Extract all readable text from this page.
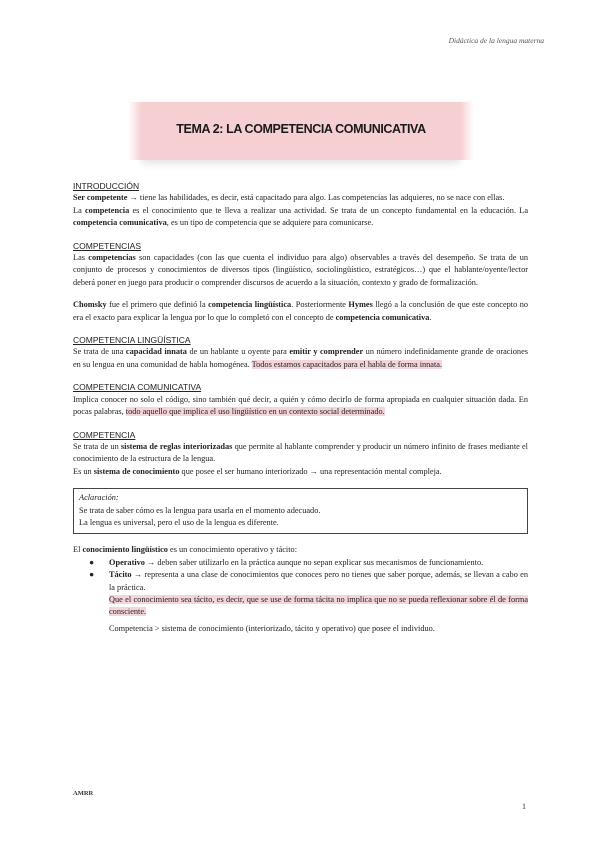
Didáctica de la lengua materna
TEMA 2: LA COMPETENCIA COMUNICATIVA

INTRODUCCIÓN

Ser competente → tiene las habilidades, es decir, está capacitado para algo. Las competencias las adquieres, no se nace con ellas.

La competencia es el conocimiento que te lleva a realizar una actividad. Se trata de un concepto fundamental en la educación. La competencia comunicativa, es un tipo de competencia que se adquiere para comunicarse.

COMPETENCIAS

Las competencias son capacidades (con las que cuenta el individuo para algo) observables a través del desempeño. Se trata de un conjunto de procesos y conocimientos de diversos tipos (lingüístico, sociolingüístico, estratégicos…) que el hablante/oyente/lector deberá poner en juego para producir o comprender discursos de acuerdo a la situación, contexto y grado de formalización.

Chomsky fue el primero que definió la competencia lingüística. Posteriormente Hymes llegó a la conclusión de que este concepto no era el exacto para explicar la lengua por lo que lo completó con el concepto de competencia comunicativa.

COMPETENCIA LINGÜÍSTICA

Se trata de una capacidad innata de un hablante u oyente para emitir y comprender un número indefinidamente grande de oraciones en su lengua en una comunidad de habla homogénea. Todos estamos capacitados para el habla de forma innata.

COMPETENCIA COMUNICATIVA

Implica conocer no solo el código, sino también qué decir, a quién y cómo decirlo de forma apropiada en cualquier situación dada. En pocas palabras, todo aquello que implica el uso lingüístico en un contexto social determinado.

COMPETENCIA

Se trata de un sistema de reglas interiorizadas que permite al hablante comprender y producir un número infinito de frases mediante el conocimiento de la estructura de la lengua.

Es un sistema de conocimiento que posee el ser humano interiorizado → una representación mental compleja.

Aclaración:
Se trata de saber cómo es la lengua para usarla en el momento adecuado.
La lengua es universal, pero el uso de la lengua es diferente.

El conocimiento lingüístico es un conocimiento operativo y tácito:

● Operativo → deben saber utilizarlo en la práctica aunque no sepan explicar sus mecanismos de funcionamiento.
● Tácito → representa a una clase de conocimientos que conoces pero no tienes que saber porque, además, se llevan a cabo en la práctica.

Que el conocimiento sea tácito, es decir, que se use de forma tácita no implica que no se pueda reflexionar sobre él de forma consciente.

Competencia > sistema de conocimiento (interiorizado, tácito y operativo) que posee el individuo.

AMRR
1
